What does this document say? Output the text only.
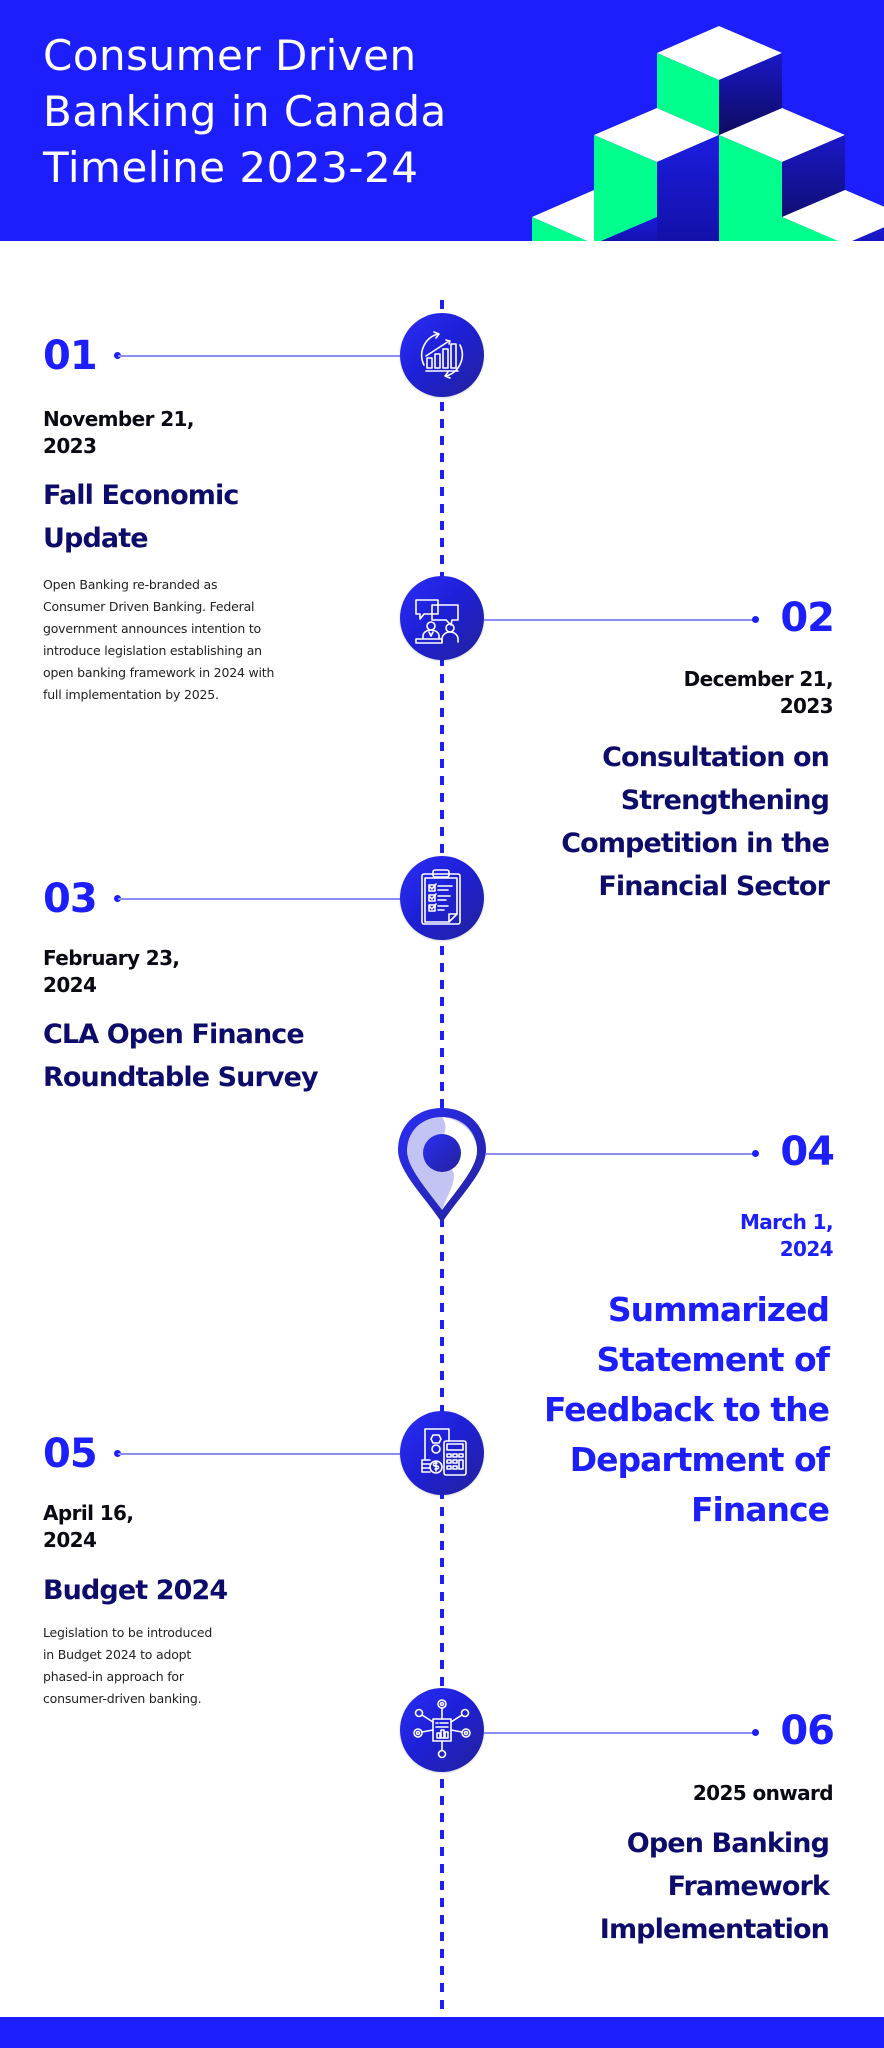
Consumer Driven
Banking in Canada
Timeline 2023-24
01
November 21,
2023
Fall Economic
Update
Open Banking re-branded as
Consumer Driven Banking. Federal
government announces intention to
introduce legislation establishing an
open banking framework in 2024 with
full implementation by 2025.
02
December 21,
2023
Consultation on
Strengthening
Competition in the
Financial Sector
03
February 23,
2024
CLA Open Finance
Roundtable Survey
04
March 1,
2024
Summarized
Statement of
Feedback to the
Department of
Finance
05
April 16,
2024
Budget 2024
Legislation to be introduced
in Budget 2024 to adopt
phased-in approach for
consumer-driven banking.
06
2025 onward
Open Banking
Framework
Implementation
